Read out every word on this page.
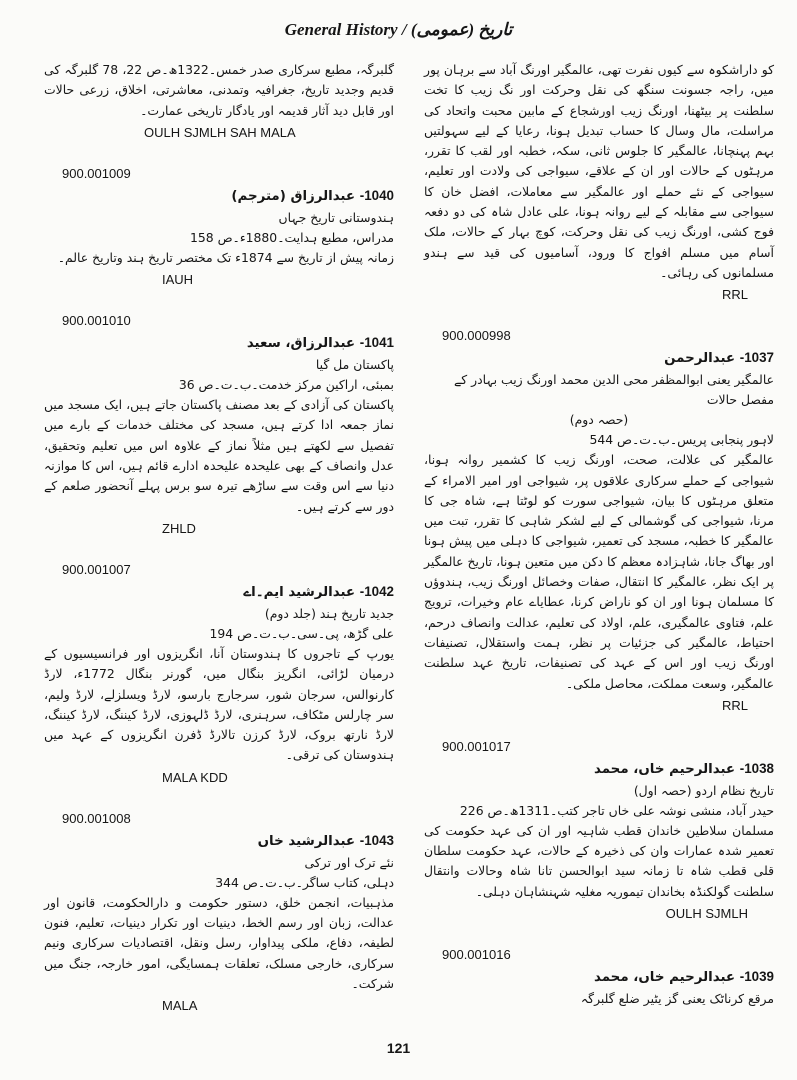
General History / تاریخ (عمومی)
کو داراشکوہ سے کیوں نفرت تھی، عالمگیر اورنگ آباد سے برہان پور میں، راجہ جسونت سنگھ کی نقل وحرکت اور نگ زیب کا تخت سلطنت پر بیٹھنا، اورنگ زیب اورشجاع کے مابین محبت واتحاد کی مراسلت، مال وسال کا حساب تبدیل ہونا، رعایا کے لیے سہولتیں بہم پہنچانا، عالمگیر کا جلوس ثانی، سکہ، خطبہ اور لقب کا تقرر، مرہٹوں کے حالات اور ان کے علاقے، سیواجی کی ولادت اور تعلیم، سیواجی کے نئے حملے اور عالمگیر سے معاملات، افضل خان کا سیواجی سے مقابلہ کے لیے روانہ ہونا، علی عادل شاہ کی دو دفعہ فوج کشی، اورنگ زیب کی نقل وحرکت، کوچ بہار کے حالات، ملک آسام میں مسلم افواج کا ورود، آسامیوں کی قید سے ہندو مسلمانوں کی رہائی۔
RRL
900.000998
1037- عبدالرحمن
عالمگیر یعنی ابوالمظفر محی الدین محمد اورنگ زیب بہادر کے مفصل حالات
(حصہ دوم)
لاہور پنجابی پریس۔ب۔ت۔ص 544
عالمگیر کی علالت، صحت، اورنگ زیب کا کشمیر روانہ ہونا، شیواجی کے حملے سرکاری علاقوں پر، شیواجی اور امیر الامراء کے متعلق مرہٹوں کا بیان، شیواجی سورت کو لوٹتا ہے، شاہ جی کا مرنا، شیواجی کی گوشمالی کے لیے لشکر شاہی کا تقرر، تبت میں عالمگیر کا خطبہ، مسجد کی تعمیر، شیواجی کا دہلی میں پیش ہونا اور بھاگ جانا، شاہزادہ معظم کا دکن میں متعین ہونا، تاریخ عالمگیر پر ایک نظر، عالمگیر کا انتقال، صفات وخصائل اورنگ زیب، ہندوؤں کا مسلمان ہونا اور ان کو ناراض کرنا، عطایاے عام وخیرات، ترویج علم، فتاوی عالمگیری، علم، اولاد کی تعلیم، عدالت وانصاف درحم، احتیاط، عالمگیر کی جزئیات پر نظر، ہمت واستقلال، تصنیفات اورنگ زیب اور اس کے عہد کی تصنیفات، تاریخ عہد سلطنت عالمگیر، وسعت مملکت، محاصل ملکی۔
RRL
900.001017
1038- عبدالرحیم خاں، محمد
تاریخ نظام اردو (حصہ اول)
حیدر آباد، منشی نوشہ علی خاں تاجر کتب۔1311ھ۔ص 226
مسلمان سلاطین خاندان قطب شاہیہ اور ان کی عہد حکومت کی تعمیر شدہ عمارات وان کی ذخیرہ کے حالات، عہد حکومت سلطان قلی قطب شاہ تا زمانہ سید ابوالحسن تانا شاہ وحالات وانتقال سلطنت گولکنڈہ بخاندان تیموریہ مغلیہ شہنشاہان دہلی۔
OULH SJMLH
900.001016
1039- عبدالرحیم خاں، محمد
مرقع کرناٹک یعنی گز یٹیر ضلع گلبرگہ
گلبرگہ، مطبع سرکاری صدر خمس۔1322ھ۔ص 22، 78 گلبرگہ کی قدیم وجدید تاریخ، جغرافیہ وتمدنی، معاشرتی، اخلاق، زرعی حالات اور قابل دید آثار قدیمہ اور یادگار تاریخی عمارت۔
OULH SJMLH SAH MALA
900.001009
1040- عبدالرزاق (مترجم)
ہندوستانی تاریخ جہاں
مدراس، مطبع ہدایت۔1880ء۔ص 158
زمانہ پیش از تاریخ سے 1874ء تک مختصر تاریخ ہند وتاریخ عالم۔
IAUH
900.001010
1041- عبدالرزاق، سعید
پاکستان مل گیا
بمبئی، اراکین مرکز خدمت۔ب۔ت۔ص 36
پاکستان کی آزادی کے بعد مصنف پاکستان جاتے ہیں، ایک مسجد میں نماز جمعہ ادا کرتے ہیں، مسجد کی مختلف خدمات کے بارے میں تفصیل سے لکھتے ہیں مثلاً نماز کے علاوہ اس میں تعلیم وتحقیق، عدل وانصاف کے بھی علیحدہ علیحدہ ادارے قائم ہیں، اس کا موازنہ دنیا سے اس وقت سے ساڑھے تیرہ سو برس پہلے آنحضور صلعم کے دور سے کرتے ہیں۔
ZHLD
900.001007
1042- عبدالرشید ایم۔اے
جدید تاریخ ہند (جلد دوم)
علی گڑھ، پی۔سی۔ب۔ت۔ص 194
یورپ کے تاجروں کا ہندوستان آنا، انگریزوں اور فرانسیسیوں کے درمیان لڑائی، انگریز بنگال میں، گورنر بنگال 1772ء، لارڈ کارنوالس، سرجان شور، سرجارج بارسو، لارڈ ویسلزلے، لارڈ ولیم، سر چارلس مٹکاف، سرہنری، لارڈ ڈلہوزی، لارڈ کیننگ، لارڈ کیننگ، لارڈ نارتھ بروک، لارڈ کرزن تالارڈ ڈفرن انگریزوں کے عہد میں ہندوستان کی ترقی۔
MALA KDD
900.001008
1043- عبدالرشید خاں
نئے ترک اور ترکی
دہلی، کتاب ساگر۔ب۔ت۔ص 344
مذہبیات، انجمن خلق، دستور حکومت و دارالحکومت، قانون اور عدالت، زبان اور رسم الخط، دینیات اور تکرار دینیات، تعلیم، فنون لطیفہ، دفاع، ملکی پیداوار، رسل ونقل، اقتصادیات سرکاری ونیم سرکاری، خارجی مسلک، تعلقات ہمسایگی، امور خارجہ، جنگ میں شرکت۔
MALA
121
